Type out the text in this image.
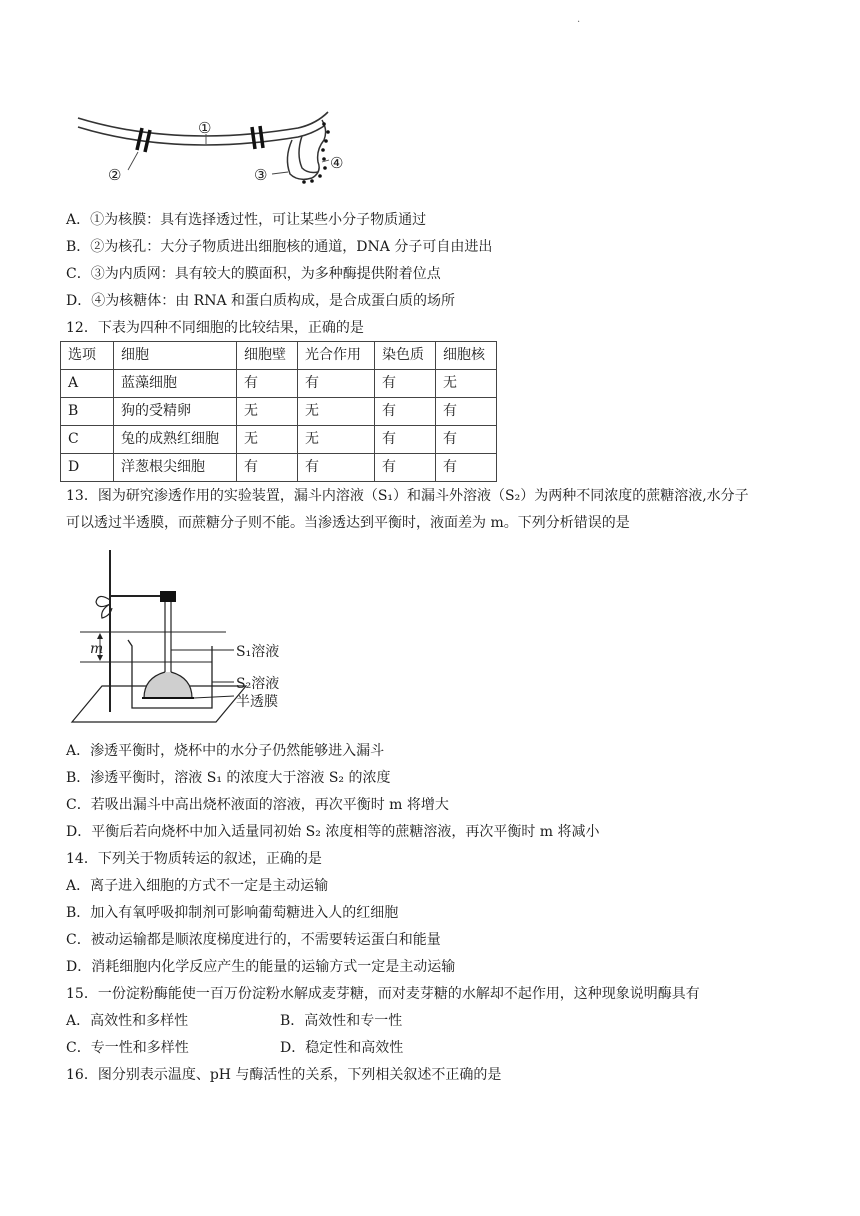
.
①
②	③
④
A．①为核膜：具有选择透过性，可让某些小分子物质通过
B．②为核孔：大分子物质进出细胞核的通道，DNA 分子可自由进出
C．③为内质网：具有较大的膜面积，为多种酶提供附着位点
D．④为核糖体：由 RNA 和蛋白质构成，是合成蛋白质的场所
12．下表为四种不同细胞的比较结果，正确的是
选项	细胞	细胞壁	光合作用	染色质	细胞核
A	蓝藻细胞	有	有	有	无
B	狗的受精卵	无	无	有	有
C	兔的成熟红细胞	无	无	有	有
D	洋葱根尖细胞	有	有	有	有
13．图为研究渗透作用的实验装置，漏斗内溶液（S₁）和漏斗外溶液（S₂）为两种不同浓度的蔗糖溶液,水分子
可以透过半透膜，而蔗糖分子则不能。当渗透达到平衡时，液面差为 m。下列分析错误的是
m	S₁溶液
S₂溶液
半透膜
A．渗透平衡时，烧杯中的水分子仍然能够进入漏斗
B．渗透平衡时，溶液 S₁ 的浓度大于溶液 S₂ 的浓度
C．若吸出漏斗中高出烧杯液面的溶液，再次平衡时 m 将增大
D．平衡后若向烧杯中加入适量同初始 S₂ 浓度相等的蔗糖溶液，再次平衡时 m 将减小
14．下列关于物质转运的叙述，正确的是
A．离子进入细胞的方式不一定是主动运输
B．加入有氧呼吸抑制剂可影响葡萄糖进入人的红细胞
C．被动运输都是顺浓度梯度进行的，不需要转运蛋白和能量
D．消耗细胞内化学反应产生的能量的运输方式一定是主动运输
15．一份淀粉酶能使一百万份淀粉水解成麦芽糖，而对麦芽糖的水解却不起作用，这种现象说明酶具有
A．高效性和多样性	B．高效性和专一性
C．专一性和多样性	D．稳定性和高效性
16．图分别表示温度、pH 与酶活性的关系，下列相关叙述不正确的是
